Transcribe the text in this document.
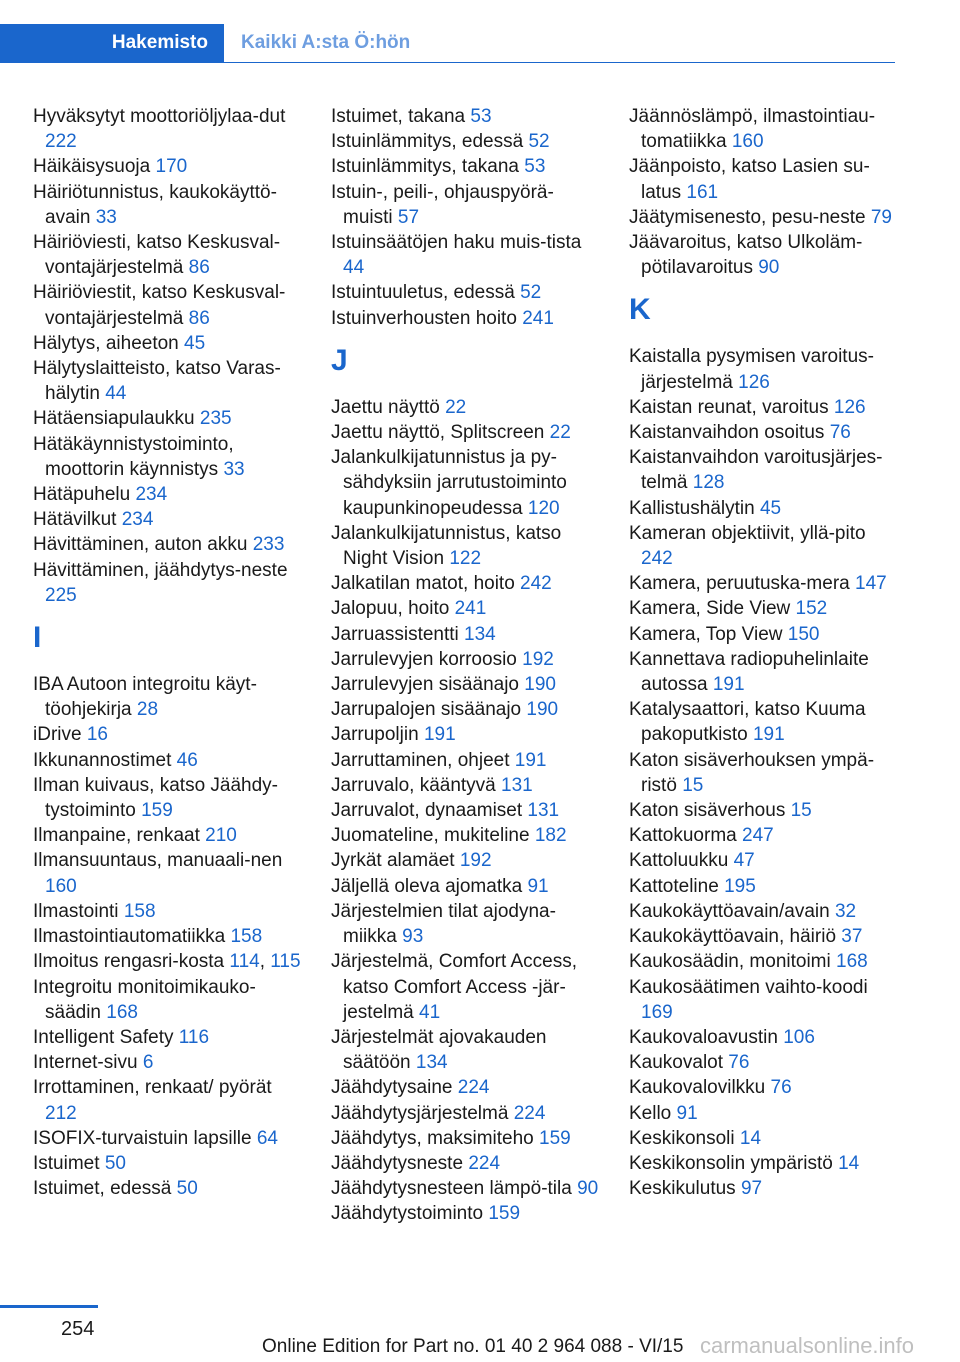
Hakemisto	Kaikki A:sta Ö:hön
Hyväksytyt moottoriöljylaa-dut 222
Häikäisysuoja 170
Häiriötunnistus, kaukokäyttö-avain 33
Häiriöviesti, katso Keskusval-vontajärjestelmä 86
Häiriöviestit, katso Keskusval-vontajärjestelmä 86
Hälytys, aiheeton 45
Hälytyslaitteisto, katso Varas-hälytin 44
Hätäensiapulaukku 235
Hätäkäynnistystoiminto, moottorin käynnistys 33
Hätäpuhelu 234
Hätävilkut 234
Hävittäminen, auton akku 233
Hävittäminen, jäähdytys-neste 225
I
IBA Autoon integroitu käyt-töohjekirja 28
iDrive 16
Ikkunannostimet 46
Ilman kuivaus, katso Jäähdy-tystoiminto 159
Ilmanpaine, renkaat 210
Ilmansuuntaus, manuaali-nen 160
Ilmastointi 158
Ilmastointiautomatiikka 158
Ilmoitus rengasri-kosta 114, 115
Integroitu monitoimikauko-säädin 168
Intelligent Safety 116
Internet-sivu 6
Irrottaminen, renkaat/ pyörät 212
ISOFIX-turvaistuin lapsille 64
Istuimet 50
Istuimet, edessä 50
Istuimet, takana 53
Istuinlämmitys, edessä 52
Istuinlämmitys, takana 53
Istuin-, peili-, ohjauspyörä-muisti 57
Istuinsäätöjen haku muis-tista 44
Istuintuuletus, edessä 52
Istuinverhousten hoito 241
J
Jaettu näyttö 22
Jaettu näyttö, Splitscreen 22
Jalankulkijatunnistus ja py-sähdyksiin jarrutustoiminto kaupunkinopeudessa 120
Jalankulkijatunnistus, katso Night Vision 122
Jalkatilan matot, hoito 242
Jalopuu, hoito 241
Jarruassistentti 134
Jarrulevyjen korroosio 192
Jarrulevyjen sisäänajo 190
Jarrupalojen sisäänajo 190
Jarrupoljin 191
Jarruttaminen, ohjeet 191
Jarruvalo, kääntyvä 131
Jarruvalot, dynaamiset 131
Juomateline, mukiteline 182
Jyrkät alamäet 192
Jäljellä oleva ajomatka 91
Järjestelmien tilat ajodyna-miikka 93
Järjestelmä, Comfort Access, katso Comfort Access -jär-jestelmä 41
Järjestelmät ajovakauden säätöön 134
Jäähdytysaine 224
Jäähdytysjärjestelmä 224
Jäähdytys, maksimiteho 159
Jäähdytysneste 224
Jäähdytysnesteen lämpö-tila 90
Jäähdytystoiminto 159
Jäännöslämpö, ilmastointiau-tomatiikka 160
Jäänpoisto, katso Lasien su-latus 161
Jäätymisenesto, pesu-neste 79
Jäävaroitus, katso Ulkoläm-pötilavaroitus 90
K
Kaistalla pysymisen varoitus-järjestelmä 126
Kaistan reunat, varoitus 126
Kaistanvaihdon osoitus 76
Kaistanvaihdon varoitusjärjes-telmä 128
Kallistushälytin 45
Kameran objektiivit, yllä-pito 242
Kamera, peruutuska-mera 147
Kamera, Side View 152
Kamera, Top View 150
Kannettava radiopuhelinlaite autossa 191
Katalysaattori, katso Kuuma pakoputkisto 191
Katon sisäverhouksen ympä-ristö 15
Katon sisäverhous 15
Kattokuorma 247
Kattoluukku 47
Kattoteline 195
Kaukokäyttöavain/avain 32
Kaukokäyttöavain, häiriö 37
Kaukosäädin, monitoimi 168
Kaukosäätimen vaihto-koodi 169
Kaukovaloavustin 106
Kaukovalot 76
Kaukovalovilkku 76
Kello 91
Keskikonsoli 14
Keskikonsolin ympäristö 14
Keskikulutus 97
254
Online Edition for Part no. 01 40 2 964 088 - VI/15 carmanualsonline.info
